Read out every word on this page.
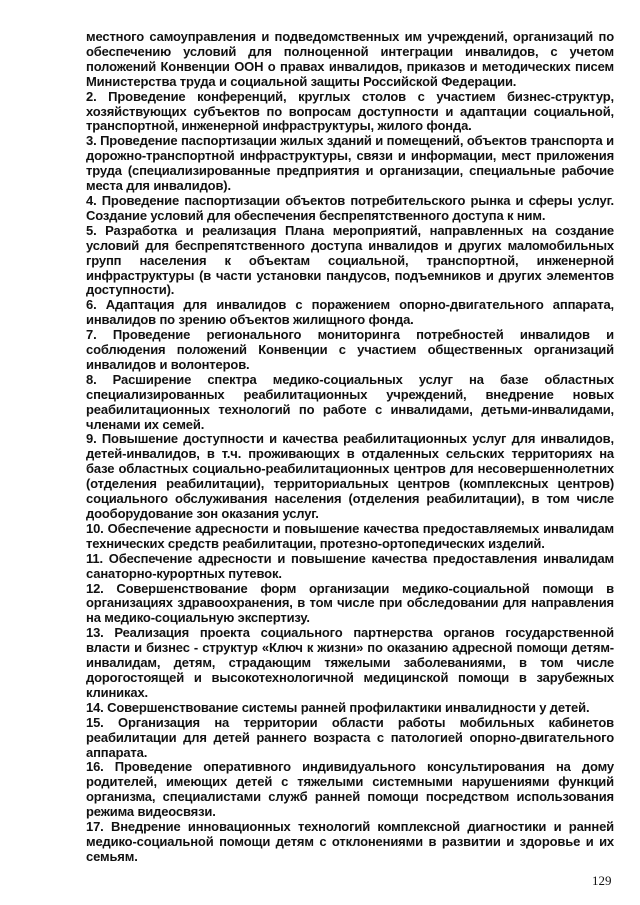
местного самоуправления и подведомственных им учреждений, организаций по обеспечению условий для полноценной интеграции инвалидов, с учетом положений Конвенции ООН о правах инвалидов, приказов и методических писем Министерства труда и социальной защиты Российской Федерации.

2. Проведение конференций, круглых столов с участием бизнес-структур, хозяйствующих субъектов по вопросам доступности и адаптации социальной, транспортной, инженерной инфраструктуры, жилого фонда.

3. Проведение паспортизации жилых зданий и помещений, объектов транспорта и дорожно-транспортной инфраструктуры, связи и информации, мест приложения труда (специализированные предприятия и организации, специальные рабочие места для инвалидов).

4. Проведение паспортизации объектов потребительского рынка и сферы услуг. Создание условий для обеспечения беспрепятственного доступа к ним.

5. Разработка и реализация Плана мероприятий, направленных на создание условий для беспрепятственного доступа инвалидов и других маломобильных групп населения к объектам социальной, транспортной, инженерной инфраструктуры (в части установки пандусов, подъемников и других элементов доступности).

6. Адаптация для инвалидов с поражением опорно-двигательного аппарата, инвалидов по зрению объектов жилищного фонда.

7. Проведение регионального мониторинга потребностей инвалидов и соблюдения положений Конвенции с участием общественных организаций инвалидов и волонтеров.

8. Расширение спектра медико-социальных услуг на базе областных специализированных реабилитационных учреждений, внедрение новых реабилитационных технологий по работе с инвалидами, детьми-инвалидами, членами их семей.

9. Повышение доступности и качества реабилитационных услуг для инвалидов, детей-инвалидов, в т.ч. проживающих в отдаленных сельских территориях на базе областных социально-реабилитационных центров для несовершеннолетних (отделения реабилитации), территориальных центров (комплексных центров) социального обслуживания населения (отделения реабилитации), в том числе дооборудование зон оказания услуг.

10. Обеспечение адресности и повышение качества предоставляемых инвалидам технических средств реабилитации, протезно-ортопедических изделий.

11. Обеспечение адресности и повышение качества предоставления инвалидам санаторно-курортных путевок.

12. Совершенствование форм организации медико-социальной помощи в организациях здравоохранения, в том числе при обследовании для направления на медико-социальную экспертизу.

13. Реализация проекта социального партнерства органов государственной власти и бизнес - структур «Ключ к жизни» по оказанию адресной помощи детям-инвалидам, детям, страдающим тяжелыми заболеваниями, в том числе дорогостоящей и высокотехнологичной медицинской помощи в зарубежных клиниках.

14. Совершенствование системы ранней профилактики инвалидности у детей.

15. Организация на территории области работы мобильных кабинетов реабилитации для детей раннего возраста с патологией опорно-двигательного аппарата.

16. Проведение оперативного индивидуального консультирования на дому родителей, имеющих детей с тяжелыми системными нарушениями функций организма, специалистами служб ранней помощи посредством использования режима видеосвязи.

17. Внедрение инновационных технологий комплексной диагностики и ранней медико-социальной помощи детям с отклонениями в развитии и здоровье и их семьям.

129
